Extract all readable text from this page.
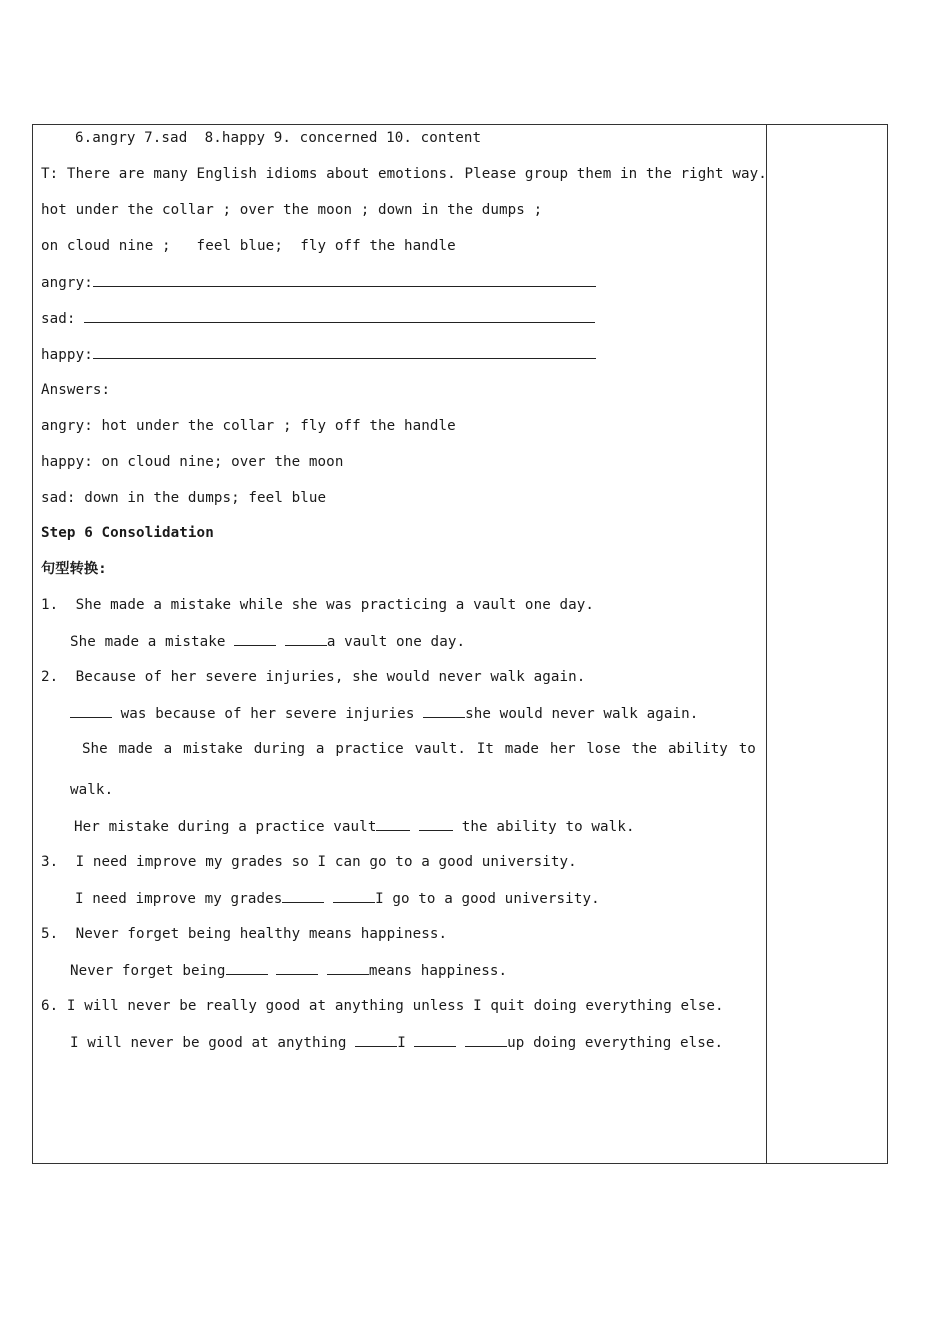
6.angry 7.sad  8.happy 9. concerned 10. content
T: There are many English idioms about emotions. Please group them in the right way.
hot under the collar ; over the moon ; down in the dumps ;
on cloud nine ;   feel blue;  fly off the handle
angry:
sad:
happy:
Answers:
angry: hot under the collar ; fly off the handle
happy: on cloud nine; over the moon
sad: down in the dumps; feel blue
Step 6 Consolidation
句型转换:
1.  She made a mistake while she was practicing a vault one day.
She made a mistake	a vault one day.
2.  Because of her severe injuries, she would never walk again.
was because of her severe injuries	she would never walk again.
She made a mistake during a practice vault. It made her lose the ability to
walk.
Her mistake during a practice vault	the ability to walk.
3.  I need improve my grades so I can go to a good university.
I need improve my grades	I go to a good university.
5.  Never forget being healthy means happiness.
Never forget being	means happiness.
6. I will never be really good at anything unless I quit doing everything else.
I will never be good at anything	I	up doing everything else.
